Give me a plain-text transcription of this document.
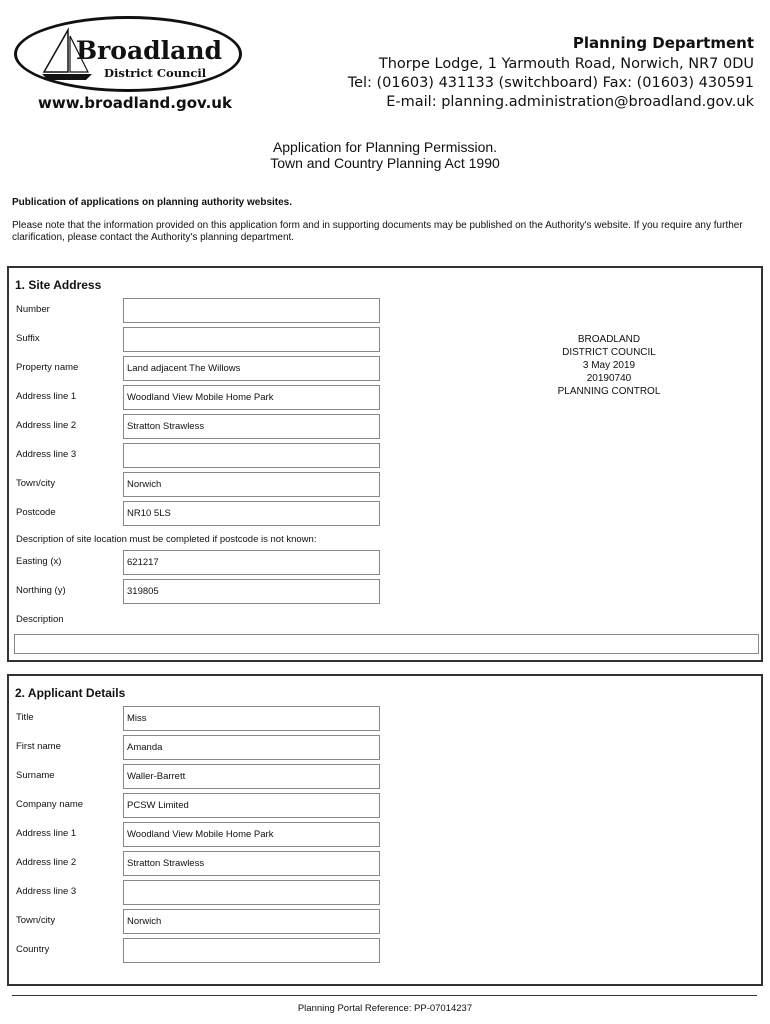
Broadland
District Council
www.broadland.gov.uk
Planning Department
Thorpe Lodge, 1 Yarmouth Road, Norwich, NR7 0DU
Tel: (01603) 431133 (switchboard) Fax: (01603) 430591
E-mail: planning.administration@broadland.gov.uk
Application for Planning Permission.
Town and Country Planning Act 1990
Publication of applications on planning authority websites.
Please note that the information provided on this application form and in supporting documents may be published on the Authority's website. If you require any further clarification, please contact the Authority's planning department.
1. Site Address
Number
Suffix
Property name	Land adjacent The Willows
Address line 1	Woodland View Mobile Home Park
Address line 2	Stratton Strawless
Address line 3
Town/city	Norwich
Postcode	NR10 5LS
Description of site location must be completed if postcode is not known:
Easting (x)	621217
Northing (y)	319805
Description
BROADLAND
DISTRICT COUNCIL
3 May 2019
20190740
PLANNING CONTROL
2. Applicant Details
Title	Miss
First name	Amanda
Surname	Waller-Barrett
Company name	PCSW Limited
Address line 1	Woodland View Mobile Home Park
Address line 2	Stratton Strawless
Address line 3
Town/city	Norwich
Country
Planning Portal Reference: PP-07014237
